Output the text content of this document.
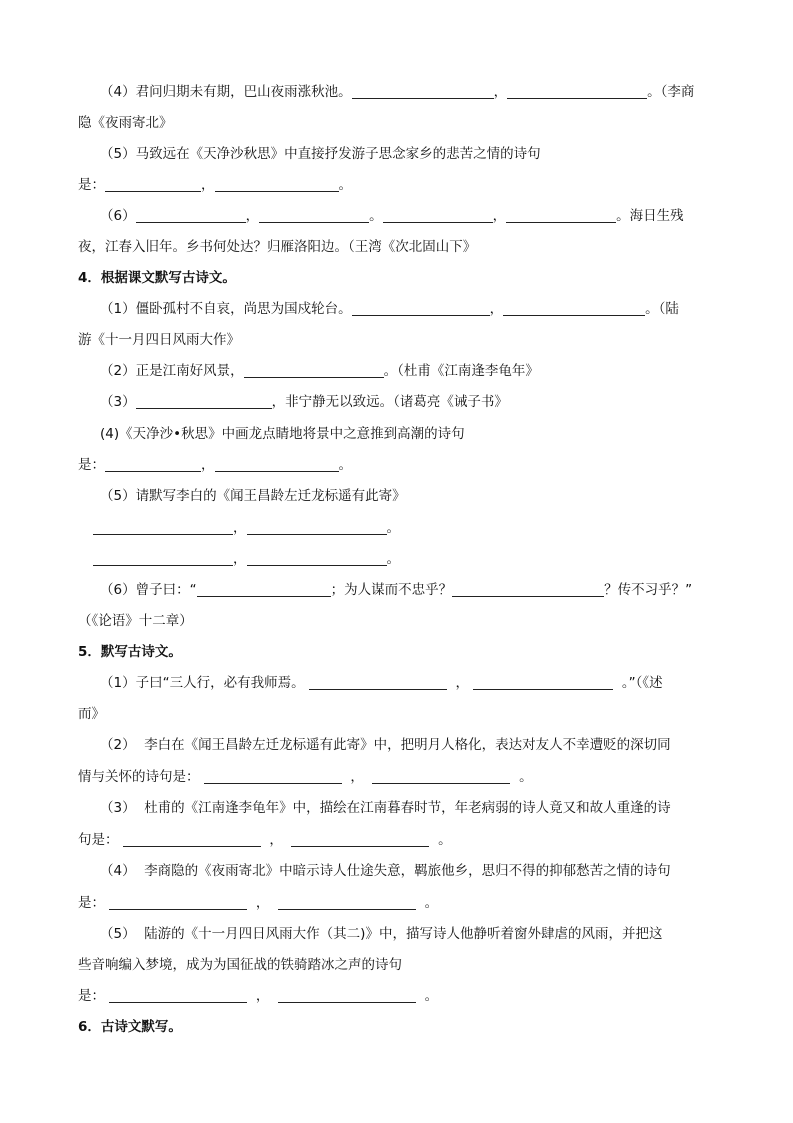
（4）君问归期未有期，巴山夜雨涨秋池。	，	。（李商
隐《夜雨寄北》
（5）马致远在《天净沙秋思》中直接抒发游子思念家乡的悲苦之情的诗句
是：	，	。
（6）	，	。	，	。海日生残
夜，江春入旧年。乡书何处达？归雁洛阳边。（王湾《次北固山下》
4．根据课文默写古诗文。
（1）僵卧孤村不自哀，尚思为国戍轮台。	，	。（陆
游《十一月四日风雨大作》
（2）正是江南好风景，	。（杜甫《江南逢李龟年》
（3）	，非宁静无以致远。（诸葛亮《诫子书》
(4)《天净沙•秋思》中画龙点睛地将景中之意推到高潮的诗句
是：	，	。
（5）请默写李白的《闻王昌龄左迁龙标遥有此寄》
，	。
，	。
（6）曾子曰：“	；为人谋而不忠乎？	？传不习乎？”
（《论语》十二章）
5．默写古诗文。
（1）子曰“三人行，必有我师焉。	，	。”（《述
而》
（2） 李白在《闻王昌龄左迁龙标遥有此寄》中，把明月人格化，表达对友人不幸遭贬的深切同
情与关怀的诗句是：	，	。
（3） 杜甫的《江南逢李龟年》中，描绘在江南暮春时节，年老病弱的诗人竟又和故人重逢的诗
句是：	，	。
（4） 李商隐的《夜雨寄北》中暗示诗人仕途失意，羁旅他乡，思归不得的抑郁愁苦之情的诗句
是：	，	。
（5） 陆游的《十一月四日风雨大作（其二)》中，描写诗人他静听着窗外肆虐的风雨，并把这
些音响编入梦境，成为为国征战的铁骑踏冰之声的诗句
是：	，	。
6．古诗文默写。
